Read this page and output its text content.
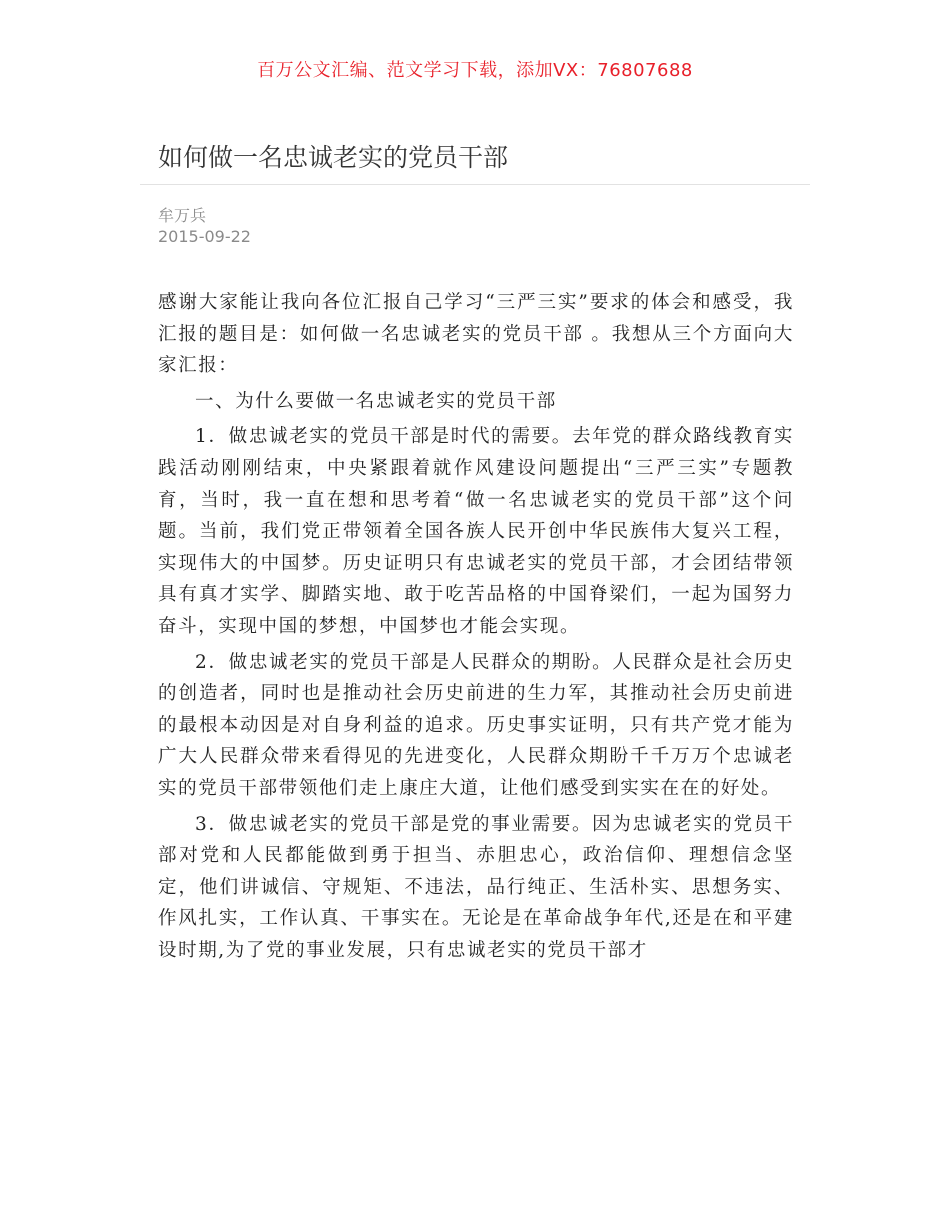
百万公文汇编、范文学习下载，添加VX：76807688
如何做一名忠诚老实的党员干部
牟万兵
2015-09-22

感谢大家能让我向各位汇报自己学习“三严三实”要求的体会和感受，我汇报的题目是：如何做一名忠诚老实的党员干部 。我想从三个方面向大家汇报：

一、为什么要做一名忠诚老实的党员干部

1．做忠诚老实的党员干部是时代的需要。去年党的群众路线教育实践活动刚刚结束，中央紧跟着就作风建设问题提出“三严三实”专题教育，当时，我一直在想和思考着“做一名忠诚老实的党员干部”这个问题。当前，我们党正带领着全国各族人民开创中华民族伟大复兴工程，实现伟大的中国梦。历史证明只有忠诚老实的党员干部，才会团结带领具有真才实学、脚踏实地、敢于吃苦品格的中国脊梁们，一起为国努力奋斗，实现中国的梦想，中国梦也才能会实现。

2．做忠诚老实的党员干部是人民群众的期盼。人民群众是社会历史的创造者，同时也是推动社会历史前进的生力军，其推动社会历史前进的最根本动因是对自身利益的追求。历史事实证明，只有共产党才能为广大人民群众带来看得见的先进变化，人民群众期盼千千万万个忠诚老实的党员干部带领他们走上康庄大道，让他们感受到实实在在的好处。

3．做忠诚老实的党员干部是党的事业需要。因为忠诚老实的党员干部对党和人民都能做到勇于担当、赤胆忠心，政治信仰、理想信念坚定，他们讲诚信、守规矩、不违法，品行纯正、生活朴实、思想务实、作风扎实，工作认真、干事实在。无论是在革命战争年代,还是在和平建设时期,为了党的事业发展，只有忠诚老实的党员干部才
